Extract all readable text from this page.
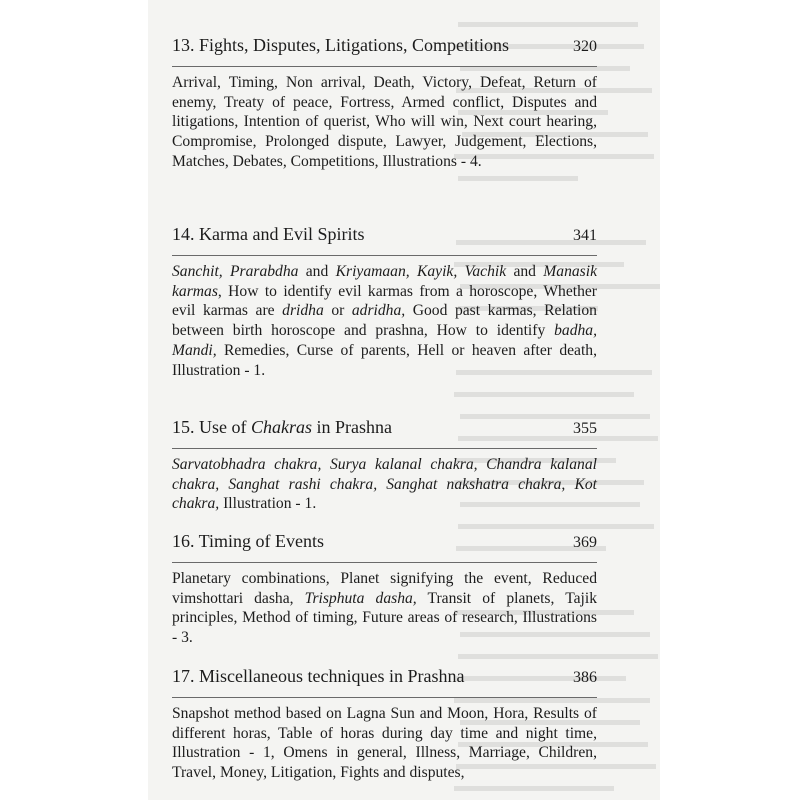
13. Fights, Disputes, Litigations, Competitions	320
Arrival, Timing, Non arrival, Death, Victory, Defeat, Return of enemy, Treaty of peace, Fortress, Armed conflict, Disputes and litigations, Intention of querist, Who will win, Next court hearing, Compromise, Prolonged dispute, Lawyer, Judgement, Elections, Matches, Debates, Competitions, Illustrations - 4.
14. Karma and Evil Spirits	341
Sanchit, Prarabdha and Kriyamaan, Kayik, Vachik and Manasik karmas, How to identify evil karmas from a horoscope, Whether evil karmas are dridha or adridha, Good past karmas, Relation between birth horoscope and prashna, How to identify badha, Mandi, Remedies, Curse of parents, Hell or heaven after death, Illustration - 1.
15. Use of Chakras in Prashna	355
Sarvatobhadra chakra, Surya kalanal chakra, Chandra kalanal chakra, Sanghat rashi chakra, Sanghat nakshatra chakra, Kot chakra, Illustration - 1.
16. Timing of Events	369
Planetary combinations, Planet signifying the event, Reduced vimshottari dasha, Trisphuta dasha, Transit of planets, Tajik principles, Method of timing, Future areas of research, Illustrations - 3.
17. Miscellaneous techniques in Prashna	386
Snapshot method based on Lagna Sun and Moon, Hora, Results of different horas, Table of horas during day time and night time, Illustration - 1, Omens in general, Illness, Marriage, Children, Travel, Money, Litigation, Fights and disputes,
